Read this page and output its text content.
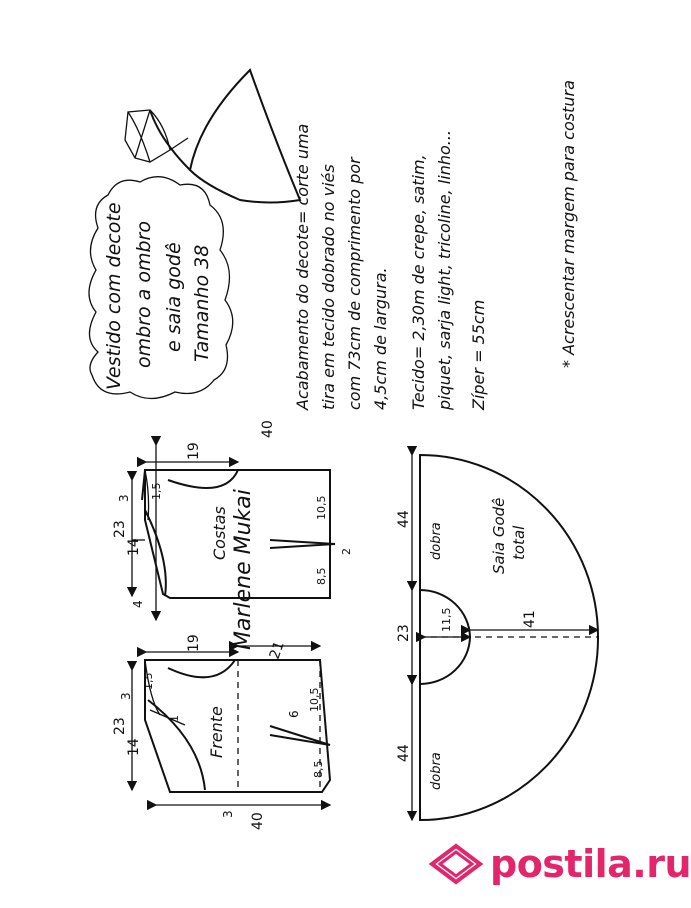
Vestido com decote ombro a ombro e saia godê Tamanho 38	Acabamento do decote= corte uma tira em tecido dobrado no viés com 73cm de comprimento por 4,5cm de largura. Tecido= 2,30m de crepe, satim, piquet, sarja light, tricoline, linho... Zíper = 55cm	* Acrescentar margem para costura
Marlene Mukai
40
19
23
14
4
3 1,5
Costas	10,5
8,5
2
19	21
23
14
3
1,5
3 40
Frente
10,5
8,5
6
1
44
dobra
23
11,5	41
44 dobra
Saia Godê total
postila.ru
